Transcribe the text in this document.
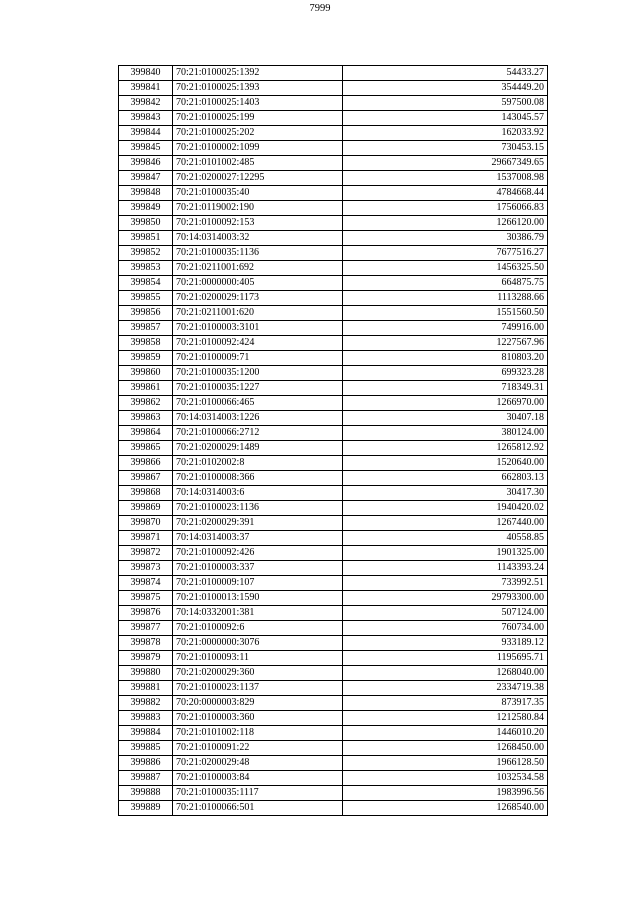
7999
399840	70:21:0100025:1392	54433.27
399841	70:21:0100025:1393	354449.20
399842	70:21:0100025:1403	597500.08
399843	70:21:0100025:199	143045.57
399844	70:21:0100025:202	162033.92
399845	70:21:0100002:1099	730453.15
399846	70:21:0101002:485	29667349.65
399847	70:21:0200027:12295	1537008.98
399848	70:21:0100035:40	4784668.44
399849	70:21:0119002:190	1756066.83
399850	70:21:0100092:153	1266120.00
399851	70:14:0314003:32	30386.79
399852	70:21:0100035:1136	7677516.27
399853	70:21:0211001:692	1456325.50
399854	70:21:0000000:405	664875.75
399855	70:21:0200029:1173	1113288.66
399856	70:21:0211001:620	1551560.50
399857	70:21:0100003:3101	749916.00
399858	70:21:0100092:424	1227567.96
399859	70:21:0100009:71	810803.20
399860	70:21:0100035:1200	699323.28
399861	70:21:0100035:1227	718349.31
399862	70:21:0100066:465	1266970.00
399863	70:14:0314003:1226	30407.18
399864	70:21:0100066:2712	380124.00
399865	70:21:0200029:1489	1265812.92
399866	70:21:0102002:8	1520640.00
399867	70:21:0100008:366	662803.13
399868	70:14:0314003:6	30417.30
399869	70:21:0100023:1136	1940420.02
399870	70:21:0200029:391	1267440.00
399871	70:14:0314003:37	40558.85
399872	70:21:0100092:426	1901325.00
399873	70:21:0100003:337	1143393.24
399874	70:21:0100009:107	733992.51
399875	70:21:0100013:1590	29793300.00
399876	70:14:0332001:381	507124.00
399877	70:21:0100092:6	760734.00
399878	70:21:0000000:3076	933189.12
399879	70:21:0100093:11	1195695.71
399880	70:21:0200029:360	1268040.00
399881	70:21:0100023:1137	2334719.38
399882	70:20:0000003:829	873917.35
399883	70:21:0100003:360	1212580.84
399884	70:21:0101002:118	1446010.20
399885	70:21:0100091:22	1268450.00
399886	70:21:0200029:48	1966128.50
399887	70:21:0100003:84	1032534.58
399888	70:21:0100035:1117	1983996.56
399889	70:21:0100066:501	1268540.00
